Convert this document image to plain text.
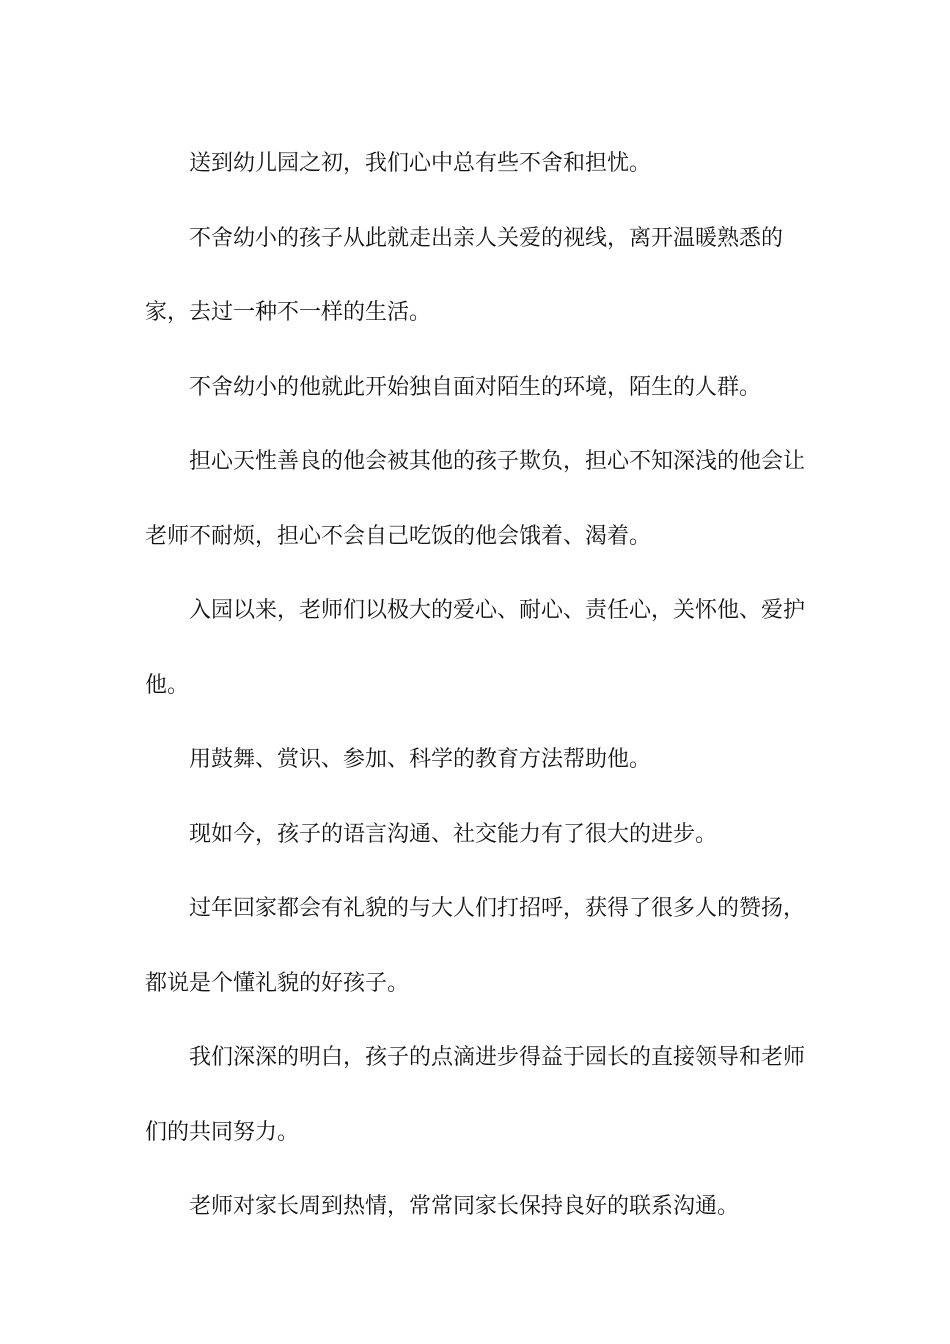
送到幼儿园之初，我们心中总有些不舍和担忧。

不舍幼小的孩子从此就走出亲人关爱的视线，离开温暖熟悉的家，去过一种不一样的生活。

不舍幼小的他就此开始独自面对陌生的环境，陌生的人群。

担心天性善良的他会被其他的孩子欺负，担心不知深浅的他会让老师不耐烦，担心不会自己吃饭的他会饿着、渴着。

入园以来，老师们以极大的爱心、耐心、责任心，关怀他、爱护他。

用鼓舞、赏识、参加、科学的教育方法帮助他。

现如今，孩子的语言沟通、社交能力有了很大的进步。

过年回家都会有礼貌的与大人们打招呼，获得了很多人的赞扬，都说是个懂礼貌的好孩子。

我们深深的明白，孩子的点滴进步得益于园长的直接领导和老师们的共同努力。

老师对家长周到热情，常常同家长保持良好的联系沟通。
